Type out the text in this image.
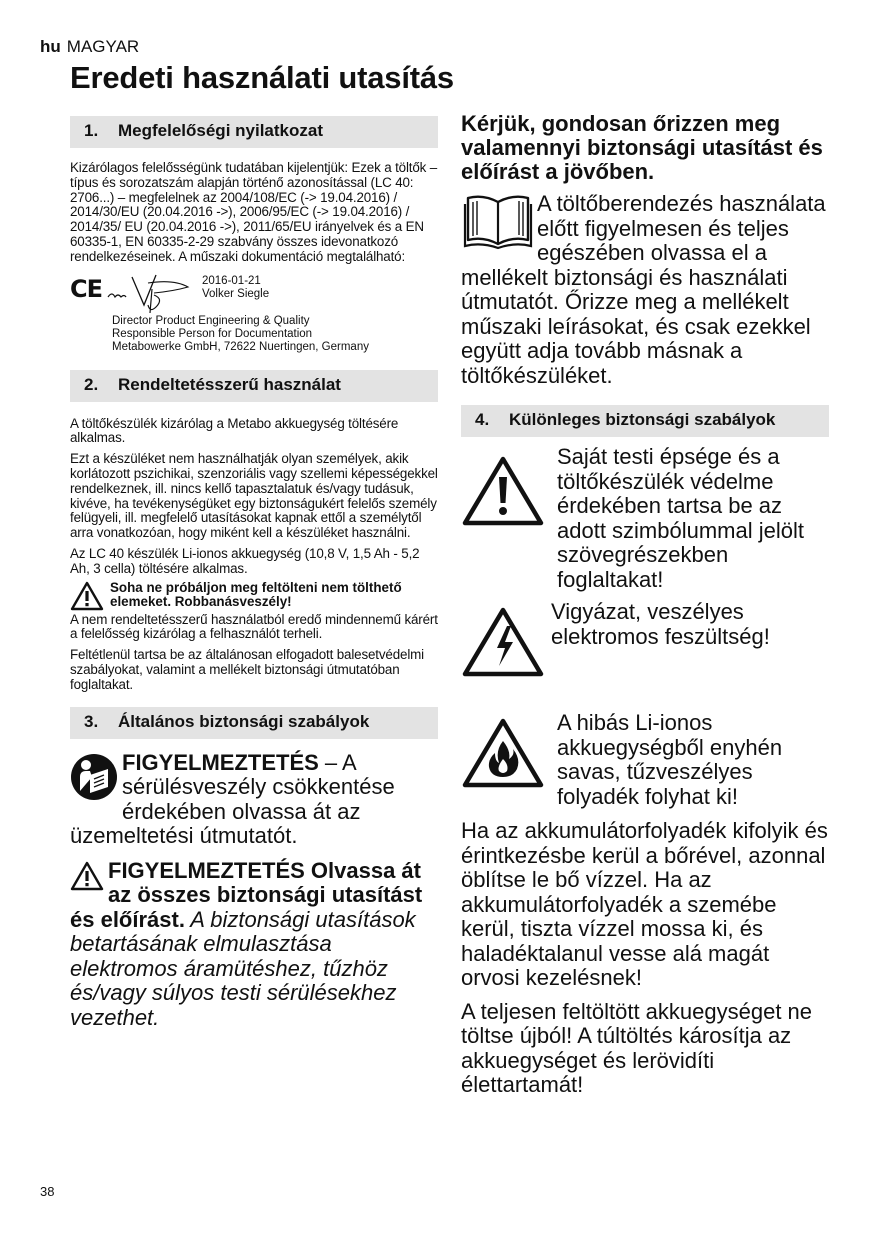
hu MAGYAR
Eredeti használati utasítás
1.	Megfelelőségi nyilatkozat

Kizárólagos felelősségünk tudatában kijelentjük: Ezek a töltők – típus és sorozatszám alapján történő azonosítással (LC 40: 2706...) – megfelelnek az 2004/108/EC (-> 19.04.2016) / 2014/30/EU (20.04.2016 ->), 2006/95/EC (-> 19.04.2016) / 2014/35/ EU (20.04.2016 ->), 2011/65/EU irányelvek és a EN 60335-1, EN 60335-2-29 szabvány összes idevonatkozó rendelkezéseinek. A műszaki dokumentáció megtalálható:

CE	2016-01-21
Volker Siegle
Director Product Engineering & Quality
Responsible Person for Documentation
Metabowerke GmbH, 72622 Nuertingen, Germany
2.	Rendeltetésszerű használat

A töltőkészülék kizárólag a Metabo akkuegység töltésére alkalmas.

Ezt a készüléket nem használhatják olyan személyek, akik korlátozott pszichikai, szenzoriális vagy szellemi képességekkel rendelkeznek, ill. nincs kellő tapasztalatuk és/vagy tudásuk, kivéve, ha tevékenységüket egy biztonságukért felelős személy felügyeli, ill. megfelelő utasításokat kapnak ettől a személytől arra vonatkozóan, hogy miként kell a készüléket használni.

Az LC 40 készülék Li-ionos akkuegység (10,8 V, 1,5 Ah - 5,2 Ah, 3 cella) töltésére alkalmas.

Soha ne próbáljon meg feltölteni nem tölthető elemeket. Robbanásveszély!

A nem rendeltetésszerű használatból eredő mindennemű kárért a felelősség kizárólag a felhasználót terheli.

Feltétlenül tartsa be az általánosan elfogadott balesetvédelmi szabályokat, valamint a mellékelt biztonsági útmutatóban foglaltakat.

3.	Általános biztonsági szabályok

FIGYELMEZTETÉS – A sérülésveszély csökkentése érdekében olvassa át az üzemeltetési útmutatót.

FIGYELMEZTETÉS Olvassa át az összes biztonsági utasítást és előírást. A biztonsági utasítások betartásának elmulasztása elektromos áramütéshez, tűzhöz és/vagy súlyos testi sérülésekhez vezethet.

Kérjük, gondosan őrizzen meg valamennyi biztonsági utasítást és előírást a jövőben.

A töltőberendezés használata előtt figyelmesen és teljes egészében olvassa el a mellékelt biztonsági és használati útmutatót. Őrizze meg a mellékelt műszaki leírásokat, és csak ezekkel együtt adja tovább másnak a töltőkészüléket.

4.	Különleges biztonsági szabályok

Saját testi épsége és a töltőkészülék védelme érdekében tartsa be az adott szimbólummal jelölt szövegrészekben foglaltakat!

Vigyázat, veszélyes elektromos feszültség!

A hibás Li-ionos akkuegységből enyhén savas, tűzveszélyes folyadék folyhat ki!

Ha az akkumulátorfolyadék kifolyik és érintkezésbe kerül a bőrével, azonnal öblítse le bő vízzel. Ha az akkumulátorfolyadék a szemébe kerül, tiszta vízzel mossa ki, és haladéktalanul vesse alá magát orvosi kezelésnek!

A teljesen feltöltött akkuegységet ne töltse újból! A túltöltés károsítja az akkuegységet és lerövidíti élettartamát!

38
